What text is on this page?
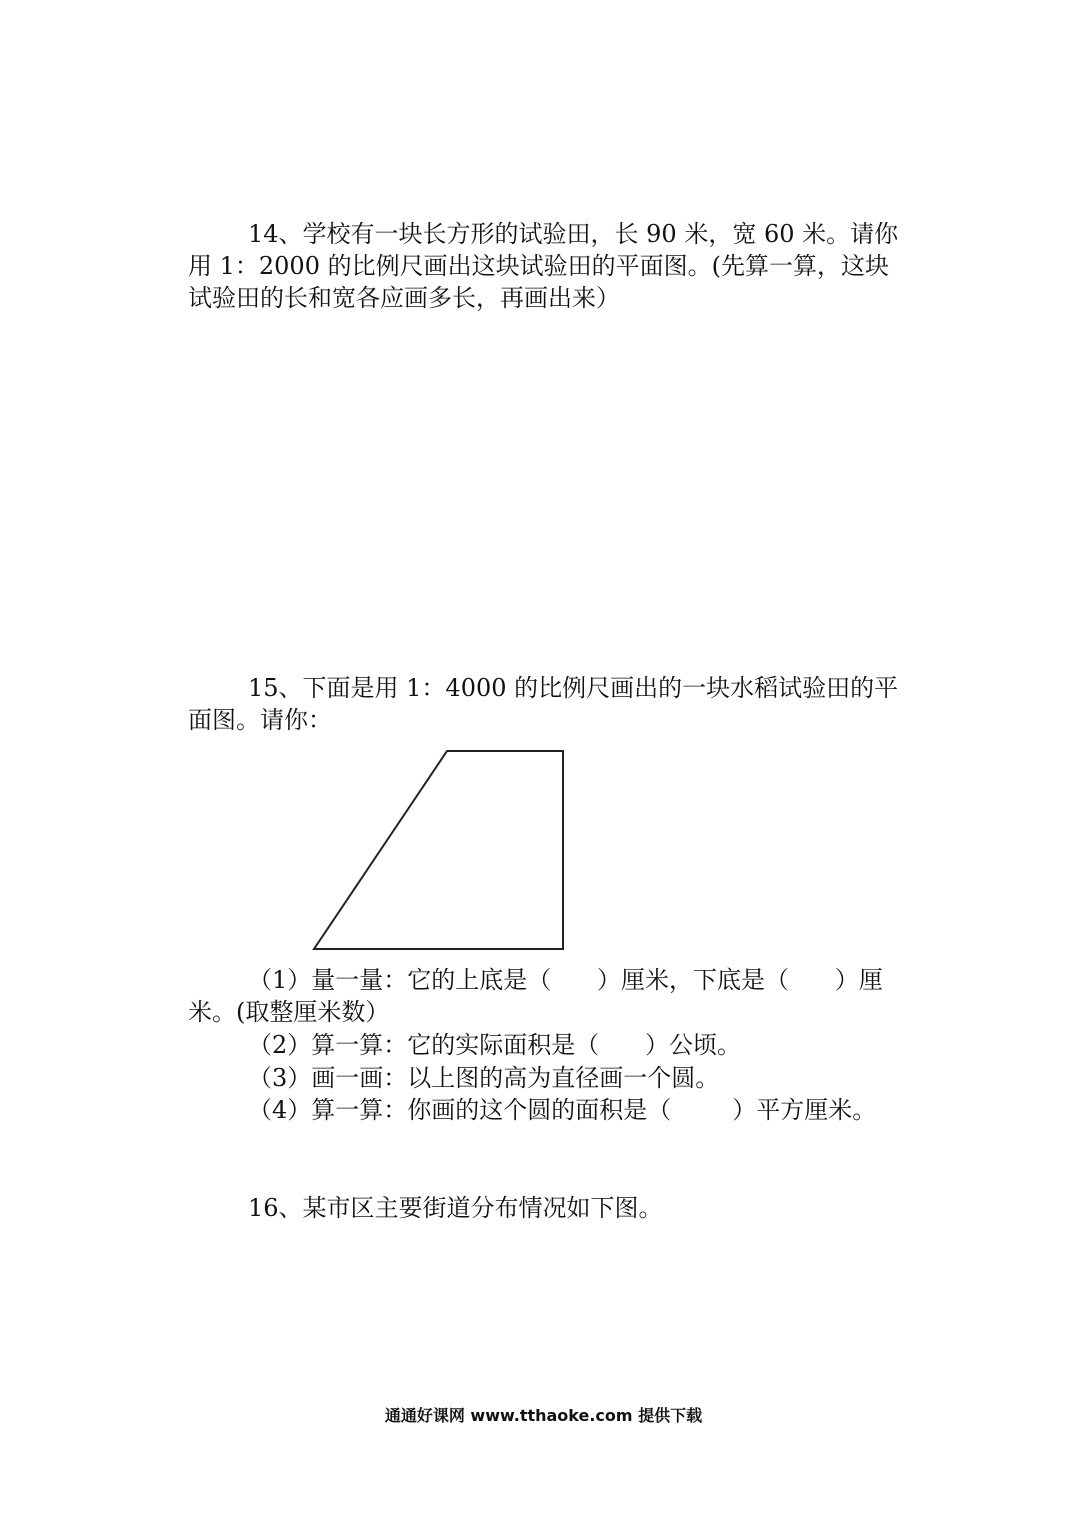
14、学校有一块长方形的试验田，长 90 米，宽 60 米。请你
用 1：2000 的比例尺画出这块试验田的平面图。(先算一算，这块
试验田的长和宽各应画多长，再画出来）
15、下面是用 1：4000 的比例尺画出的一块水稻试验田的平
面图。请你：
（1）量一量：它的上底是（      ）厘米，下底是（      ）厘
米。(取整厘米数）
（2）算一算：它的实际面积是（      ）公顷。
（3）画一画：以上图的高为直径画一个圆。
（4）算一算：你画的这个圆的面积是（        ）平方厘米。
16、某市区主要街道分布情况如下图。
通通好课网 www.tthaoke.com 提供下载
